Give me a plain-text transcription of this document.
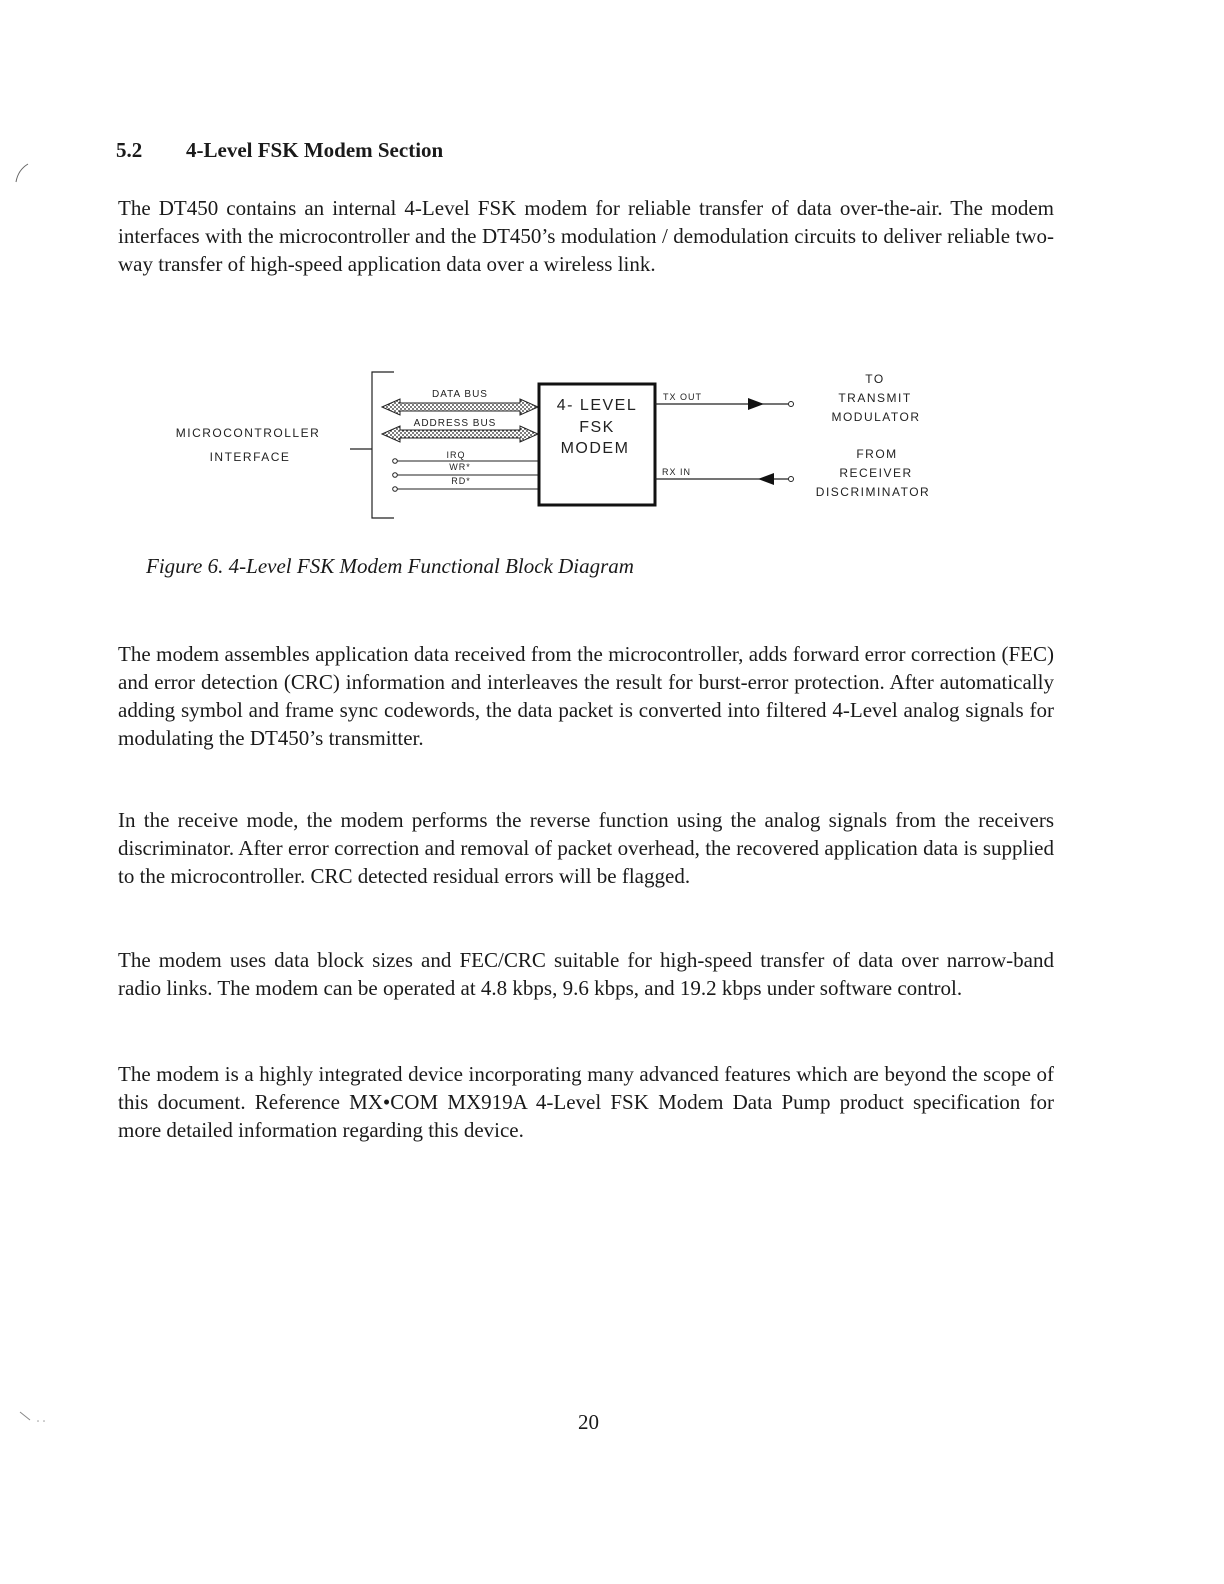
5.2 4-Level FSK Modem Section

The DT450 contains an internal 4-Level FSK modem for reliable transfer of data over-the-air. The modem interfaces with the microcontroller and the DT450’s modulation / demodulation circuits to deliver reliable two-way transfer of high-speed application data over a wireless link.

MICROCONTROLLER
INTERFACE
DATA BUS
ADDRESS BUS
IRQ
WR*
RD*
4- LEVEL
FSK
MODEM
TX OUT
RX IN
TO
TRANSMIT
MODULATOR
FROM
RECEIVER
DISCRIMINATOR

Figure 6. 4-Level FSK Modem Functional Block Diagram

The modem assembles application data received from the microcontroller, adds forward error correction (FEC) and error detection (CRC) information and interleaves the result for burst-error protection. After automatically adding symbol and frame sync codewords, the data packet is converted into filtered 4-Level analog signals for modulating the DT450’s transmitter.

In the receive mode, the modem performs the reverse function using the analog signals from the receivers discriminator. After error correction and removal of packet overhead, the recovered application data is supplied to the microcontroller. CRC detected residual errors will be flagged.

The modem uses data block sizes and FEC/CRC suitable for high-speed transfer of data over narrow-band radio links. The modem can be operated at 4.8 kbps, 9.6 kbps, and 19.2 kbps under software control.

The modem is a highly integrated device incorporating many advanced features which are beyond the scope of this document. Reference MX•COM MX919A 4-Level FSK Modem Data Pump product specification for more detailed information regarding this device.

20
